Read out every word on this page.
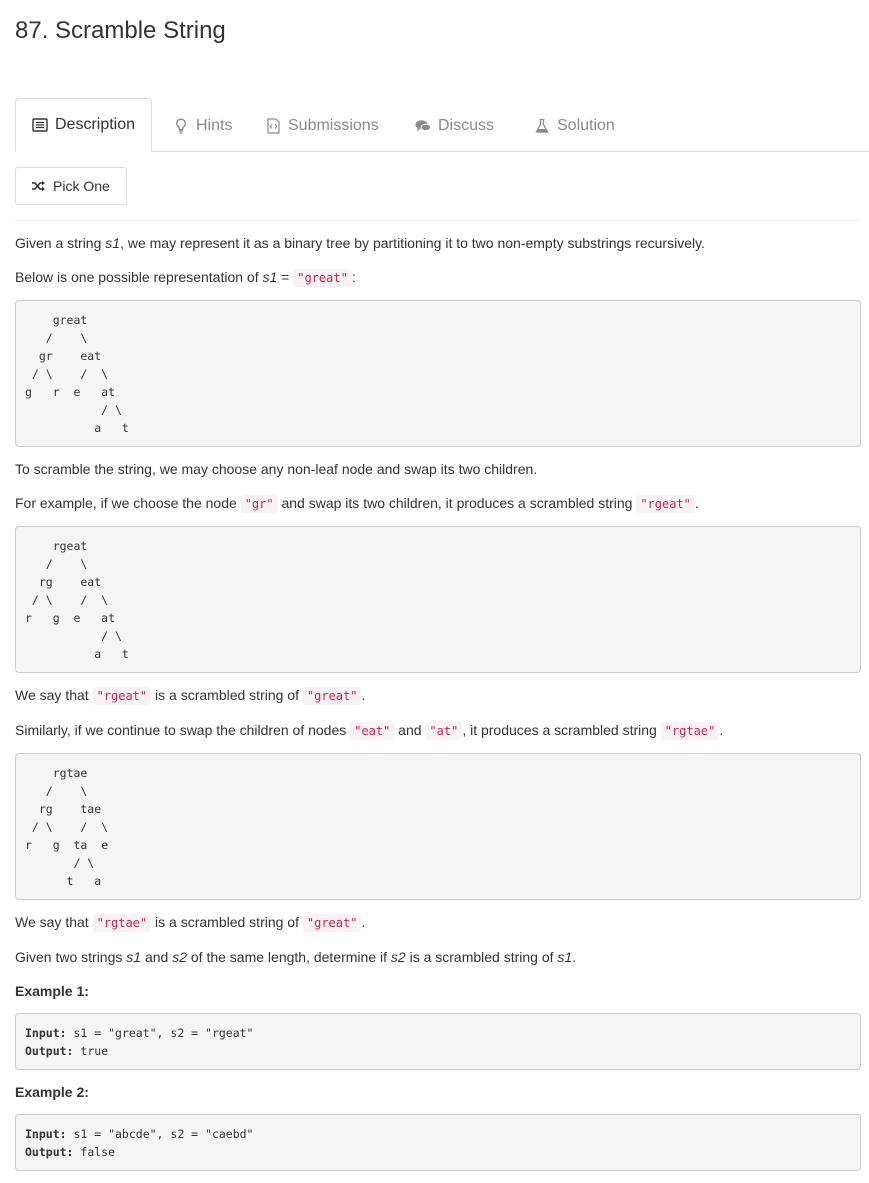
87. Scramble String
Description	Hints	Submissions	Discuss	Solution
Pick One
Given a string s1, we may represent it as a binary tree by partitioning it to two non-empty substrings recursively.
Below is one possible representation of s1 = "great" :
great
/    \
gr    eat
/ \    /  \
g   r  e   at
/ \
a   t
To scramble the string, we may choose any non-leaf node and swap its two children.
For example, if we choose the node "gr" and swap its two children, it produces a scrambled string "rgeat" .
rgeat
/    \
rg    eat
/ \    /  \
r   g  e   at
/ \
a   t
We say that "rgeat" is a scrambled string of "great" .
Similarly, if we continue to swap the children of nodes "eat" and "at" , it produces a scrambled string "rgtae" .
rgtae
/    \
rg    tae
/ \    /  \
r   g  ta  e
/ \
t   a
We say that "rgtae" is a scrambled string of "great" .
Given two strings s1 and s2 of the same length, determine if s2 is a scrambled string of s1.
Example 1:
Input: s1 = "great", s2 = "rgeat"
Output: true
Example 2:
Input: s1 = "abcde", s2 = "caebd"
Output: false
